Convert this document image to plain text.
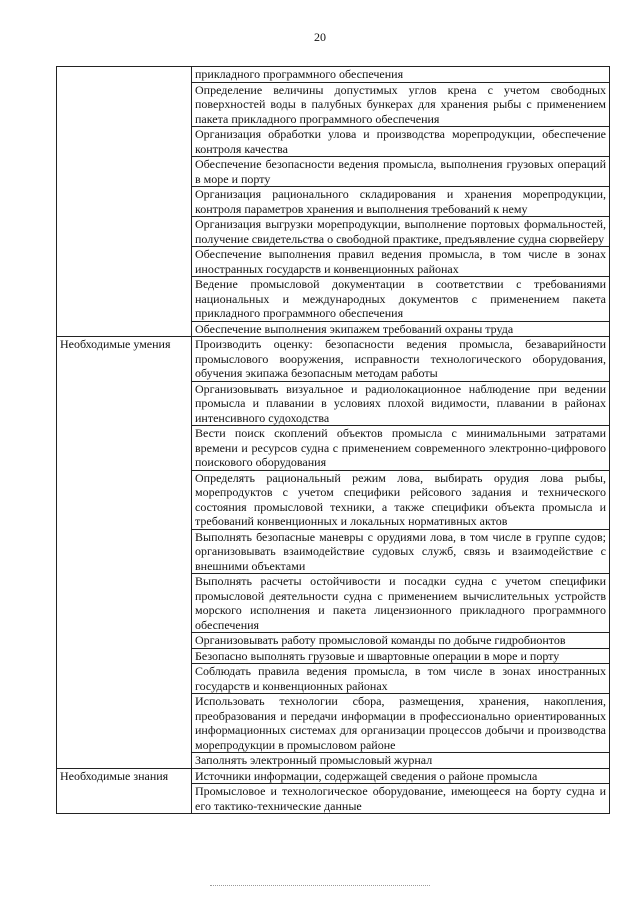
20
	прикладного программного обеспечения
	Определение величины допустимых углов крена с учетом свободных поверхностей воды в палубных бункерах для хранения рыбы с применением пакета прикладного программного обеспечения
	Организация обработки улова и производства морепродукции, обеспечение контроля качества
	Обеспечение безопасности ведения промысла, выполнения грузовых операций в море и порту
	Организация рационального складирования и хранения морепродукции, контроля параметров хранения и выполнения требований к нему
	Организация выгрузки морепродукции, выполнение портовых формальностей, получение свидетельства о свободной практике, предъявление судна сюрвейеру
	Обеспечение выполнения правил ведения промысла, в том числе в зонах иностранных государств и конвенционных районах
	Ведение промысловой документации в соответствии с требованиями национальных и международных документов с применением пакета прикладного программного обеспечения
	Обеспечение выполнения экипажем требований охраны труда
Необходимые умения	Производить оценку: безопасности ведения промысла, безаварийности промыслового вооружения, исправности технологического оборудования, обучения экипажа безопасным методам работы
	Организовывать визуальное и радиолокационное наблюдение при ведении промысла и плавании в условиях плохой видимости, плавании в районах интенсивного судоходства
	Вести поиск скоплений объектов промысла с минимальными затратами времени и ресурсов судна с применением современного электронно-цифрового поискового оборудования
	Определять рациональный режим лова, выбирать орудия лова рыбы, морепродуктов с учетом специфики рейсового задания и технического состояния промысловой техники, а также специфики объекта промысла и требований конвенционных и локальных нормативных актов
	Выполнять безопасные маневры с орудиями лова, в том числе в группе судов; организовывать взаимодействие судовых служб, связь и взаимодействие с внешними объектами
	Выполнять расчеты остойчивости и посадки судна с учетом специфики промысловой деятельности судна с применением вычислительных устройств морского исполнения и пакета лицензионного прикладного программного обеспечения
	Организовывать работу промысловой команды по добыче гидробионтов
	Безопасно выполнять грузовые и швартовные операции в море и порту
	Соблюдать правила ведения промысла, в том числе в зонах иностранных государств и конвенционных районах
	Использовать технологии сбора, размещения, хранения, накопления, преобразования и передачи информации в профессионально ориентированных информационных системах для организации процессов добычи и производства морепродукции в промысловом районе
	Заполнять электронный промысловый журнал
Необходимые знания	Источники информации, содержащей сведения о районе промысла
	Промысловое и технологическое оборудование, имеющееся на борту судна и его тактико-технические данные
